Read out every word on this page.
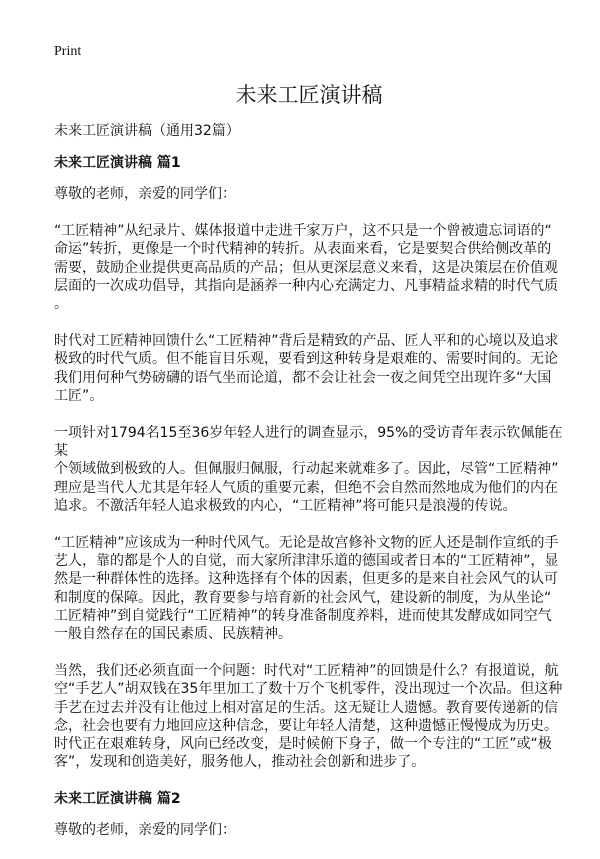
Print
未来工匠演讲稿
未来工匠演讲稿（通用32篇）
未来工匠演讲稿 篇1
尊敬的老师，亲爱的同学们：
“工匠精神”从纪录片、媒体报道中走进千家万户，这不只是一个曾被遗忘词语的“
命运”转折，更像是一个时代精神的转折。从表面来看，它是要契合供给侧改革的
需要，鼓励企业提供更高品质的产品；但从更深层意义来看，这是决策层在价值观
层面的一次成功倡导，其指向是涵养一种内心充满定力、凡事精益求精的时代气质
。
时代对工匠精神回馈什么“工匠精神”背后是精致的产品、匠人平和的心境以及追求
极致的时代气质。但不能盲目乐观，要看到这种转身是艰难的、需要时间的。无论
我们用何种气势磅礴的语气坐而论道，都不会让社会一夜之间凭空出现许多“大国
工匠”。
一项针对1794名15至36岁年轻人进行的调查显示，95%的受访青年表示钦佩能在某
个领域做到极致的人。但佩服归佩服，行动起来就难多了。因此，尽管“工匠精神”
理应是当代人尤其是年轻人气质的重要元素，但绝不会自然而然地成为他们的内在
追求。不激活年轻人追求极致的内心，“工匠精神”将可能只是浪漫的传说。
“工匠精神”应该成为一种时代风气。无论是故宫修补文物的匠人还是制作宣纸的手
艺人，靠的都是个人的自觉，而大家所津津乐道的德国或者日本的“工匠精神”，显
然是一种群体性的选择。这种选择有个体的因素，但更多的是来自社会风气的认可
和制度的保障。因此，教育要参与培育新的社会风气，建设新的制度，为从坐论“
工匠精神”到自觉践行“工匠精神”的转身准备制度养料，进而使其发酵成如同空气
一般自然存在的国民素质、民族精神。
当然，我们还必须直面一个问题：时代对“工匠精神”的回馈是什么？有报道说，航
空“手艺人”胡双钱在35年里加工了数十万个飞机零件，没出现过一个次品。但这种
手艺在过去并没有让他过上相对富足的生活。这无疑让人遗憾。教育要传递新的信
念，社会也要有力地回应这种信念，要让年轻人清楚，这种遗憾正慢慢成为历史。
时代正在艰难转身，风向已经改变，是时候俯下身子，做一个专注的“工匠”或“极
客”，发现和创造美好，服务他人，推动社会创新和进步了。
未来工匠演讲稿 篇2
尊敬的老师，亲爱的同学们：
